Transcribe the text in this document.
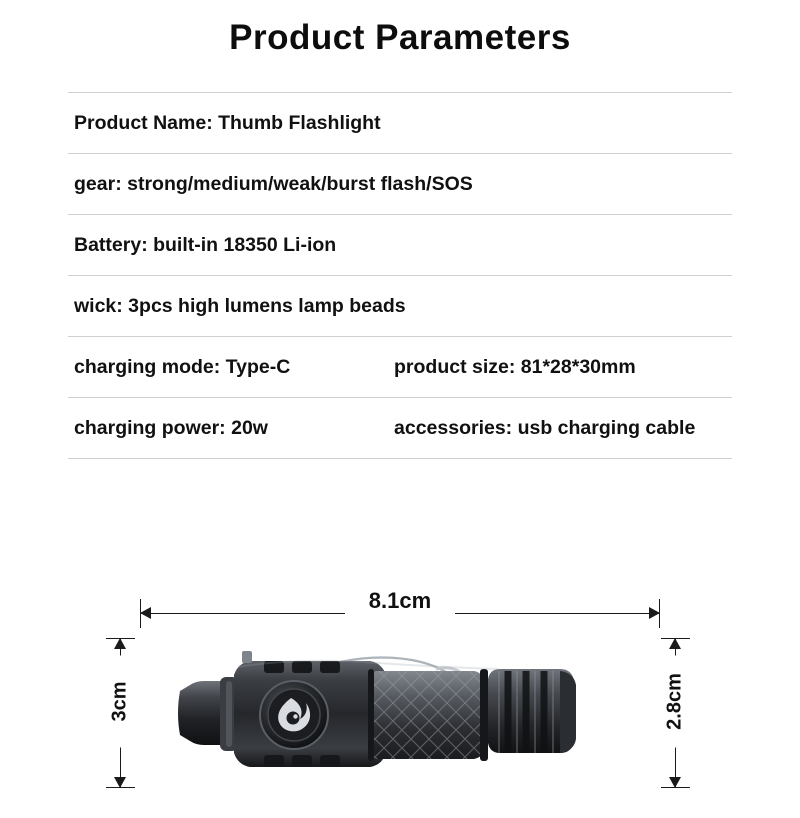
Product Parameters
Product Name: Thumb Flashlight
gear: strong/medium/weak/burst flash/SOS
Battery: built-in 18350 Li-ion
wick: 3pcs high lumens lamp beads
charging mode: Type-C	product size: 81*28*30mm
charging power: 20w	accessories: usb charging cable
8.1cm
3cm	2.8cm
